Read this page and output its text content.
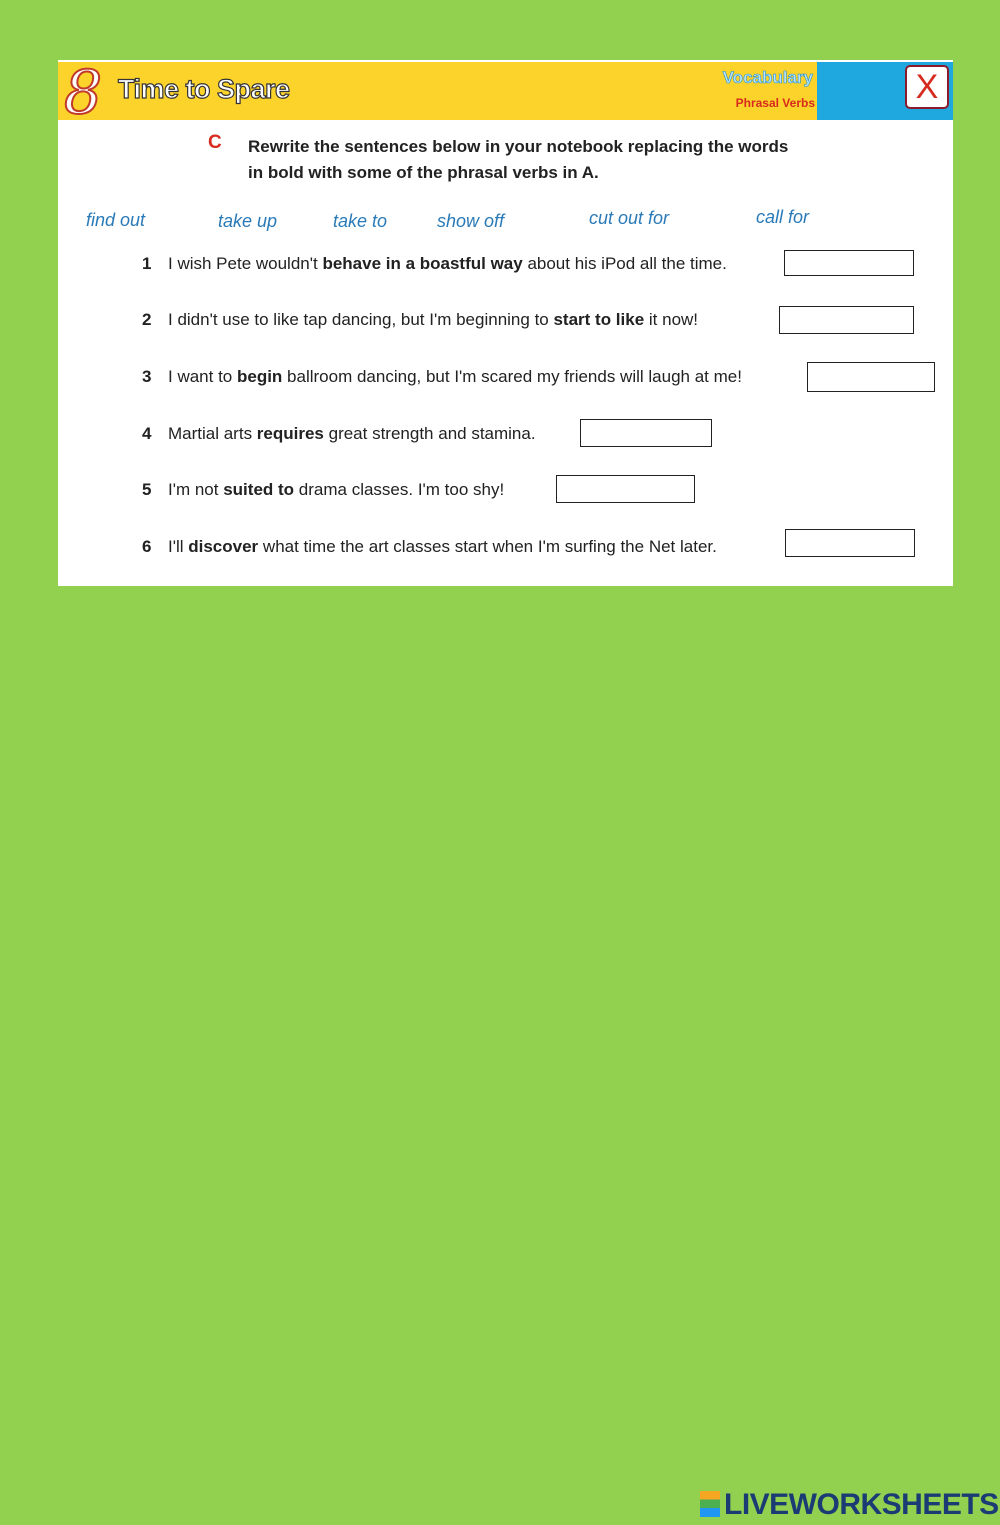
8 Time to Spare	Vocabulary
Phrasal Verbs	X
C Rewrite the sentences below in your notebook replacing the words in bold with some of the phrasal verbs in A.
find out	take up	take to	show off	cut out for	call for
1 I wish Pete wouldn't behave in a boastful way about his iPod all the time.
2 I didn't use to like tap dancing, but I'm beginning to start to like it now!
3 I want to begin ballroom dancing, but I'm scared my friends will laugh at me!
4 Martial arts requires great strength and stamina.
5 I'm not suited to drama classes. I'm too shy!
6 I'll discover what time the art classes start when I'm surfing the Net later.
LIVEWORKSHEETS
